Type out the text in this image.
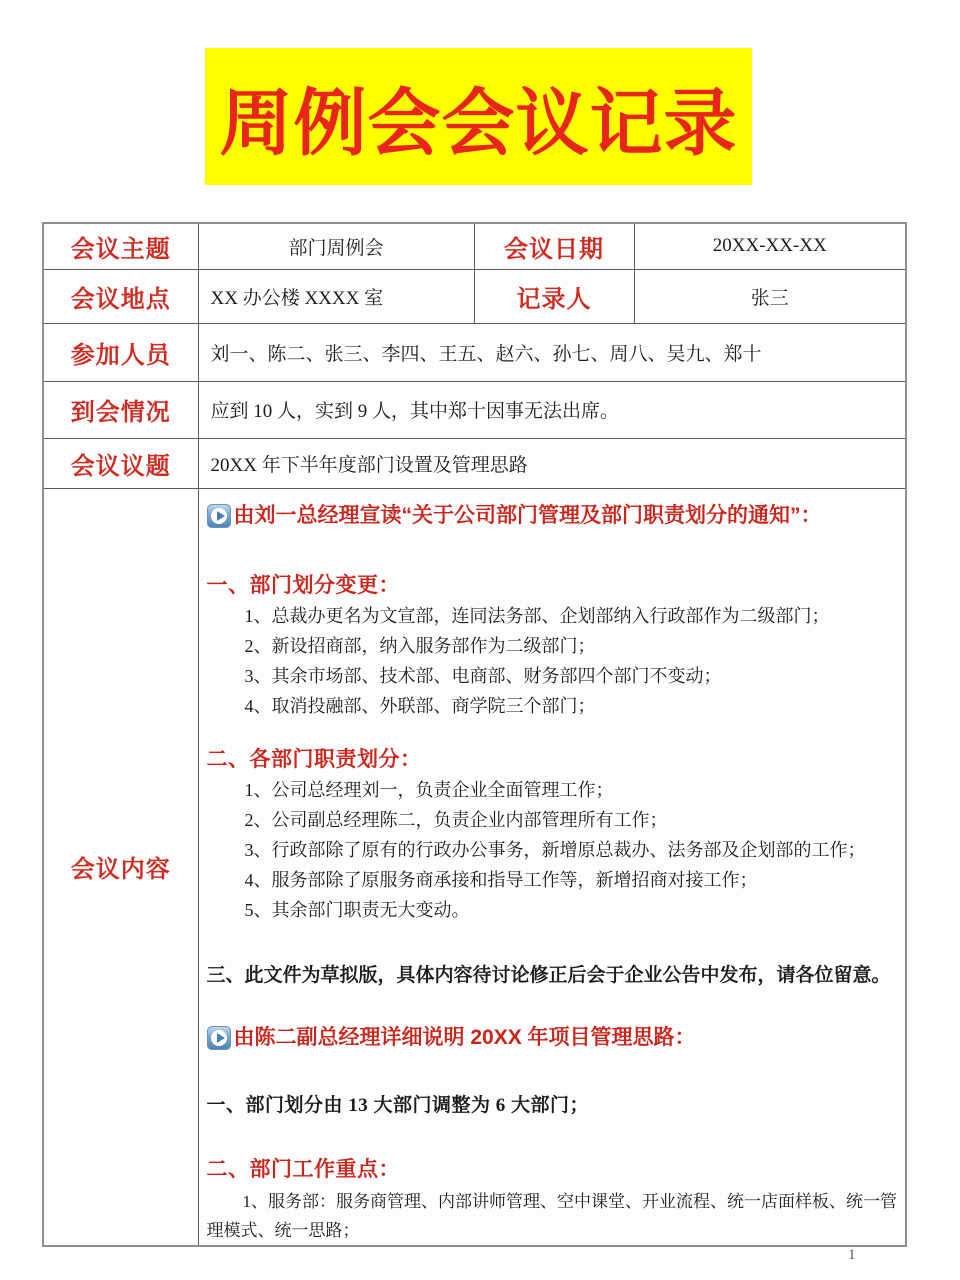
周例会会议记录
会议主题	部门周例会	会议日期	20XX-XX-XX
会议地点	XX 办公楼 XXXX 室	记录人	张三
参加人员	刘一、陈二、张三、李四、王五、赵六、孙七、周八、吴九、郑十		
到会情况	应到 10 人，实到 9 人，其中郑十因事无法出席。		
会议议题	20XX 年下半年度部门设置及管理思路		
会议内容	

由刘一总经理宣读“关于公司部门管理及部门职责划分的通知”：

一、部门划分变更：

1、总裁办更名为文宣部，连同法务部、企划部纳入行政部作为二级部门；

2、新设招商部，纳入服务部作为二级部门；

3、其余市场部、技术部、电商部、财务部四个部门不变动；

4、取消投融部、外联部、商学院三个部门；

二、各部门职责划分：

1、公司总经理刘一，负责企业全面管理工作；

2、公司副总经理陈二，负责企业内部管理所有工作；

3、行政部除了原有的行政办公事务，新增原总裁办、法务部及企划部的工作；

4、服务部除了原服务商承接和指导工作等，新增招商对接工作；

5、其余部门职责无大变动。

三、此文件为草拟版，具体内容待讨论修正后会于企业公告中发布，请各位留意。

由陈二副总经理详细说明 20XX 年项目管理思路：

一、部门划分由 13 大部门调整为 6 大部门；

二、部门工作重点：

1、服务部：服务商管理、内部讲师管理、空中课堂、开业流程、统一店面样板、统一管理模式、统一思路；

1
